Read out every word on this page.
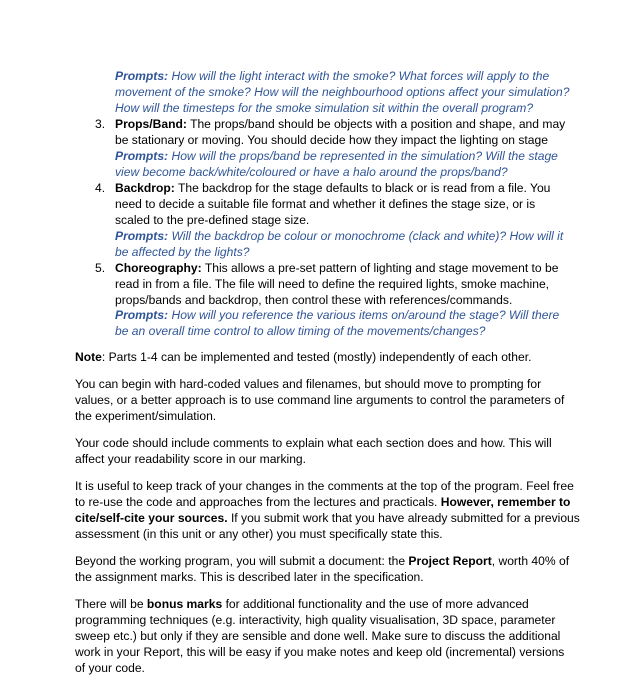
Prompts: How will the light interact with the smoke? What forces will apply to the
movement of the smoke? How will the neighbourhood options affect your simulation?
How will the timesteps for the smoke simulation sit within the overall program?
3. Props/Band: The props/band should be objects with a position and shape, and may
be stationary or moving. You should decide how they impact the lighting on stage
Prompts: How will the props/band be represented in the simulation? Will the stage
view become back/white/coloured or have a halo around the props/band?
4. Backdrop: The backdrop for the stage defaults to black or is read from a file. You
need to decide a suitable file format and whether it defines the stage size, or is
scaled to the pre-defined stage size.
Prompts: Will the backdrop be colour or monochrome (clack and white)? How will it
be affected by the lights?
5. Choreography: This allows a pre-set pattern of lighting and stage movement to be
read in from a file. The file will need to define the required lights, smoke machine,
props/bands and backdrop, then control these with references/commands.
Prompts: How will you reference the various items on/around the stage? Will there
be an overall time control to allow timing of the movements/changes?
Note: Parts 1-4 can be implemented and tested (mostly) independently of each other.
You can begin with hard-coded values and filenames, but should move to prompting for
values, or a better approach is to use command line arguments to control the parameters of
the experiment/simulation.
Your code should include comments to explain what each section does and how. This will
affect your readability score in our marking.
It is useful to keep track of your changes in the comments at the top of the program. Feel free
to re-use the code and approaches from the lectures and practicals. However, remember to
cite/self-cite your sources. If you submit work that you have already submitted for a previous
assessment (in this unit or any other) you must specifically state this.
Beyond the working program, you will submit a document: the Project Report, worth 40% of
the assignment marks. This is described later in the specification.
There will be bonus marks for additional functionality and the use of more advanced
programming techniques (e.g. interactivity, high quality visualisation, 3D space, parameter
sweep etc.) but only if they are sensible and done well. Make sure to discuss the additional
work in your Report, this will be easy if you make notes and keep old (incremental) versions
of your code.
